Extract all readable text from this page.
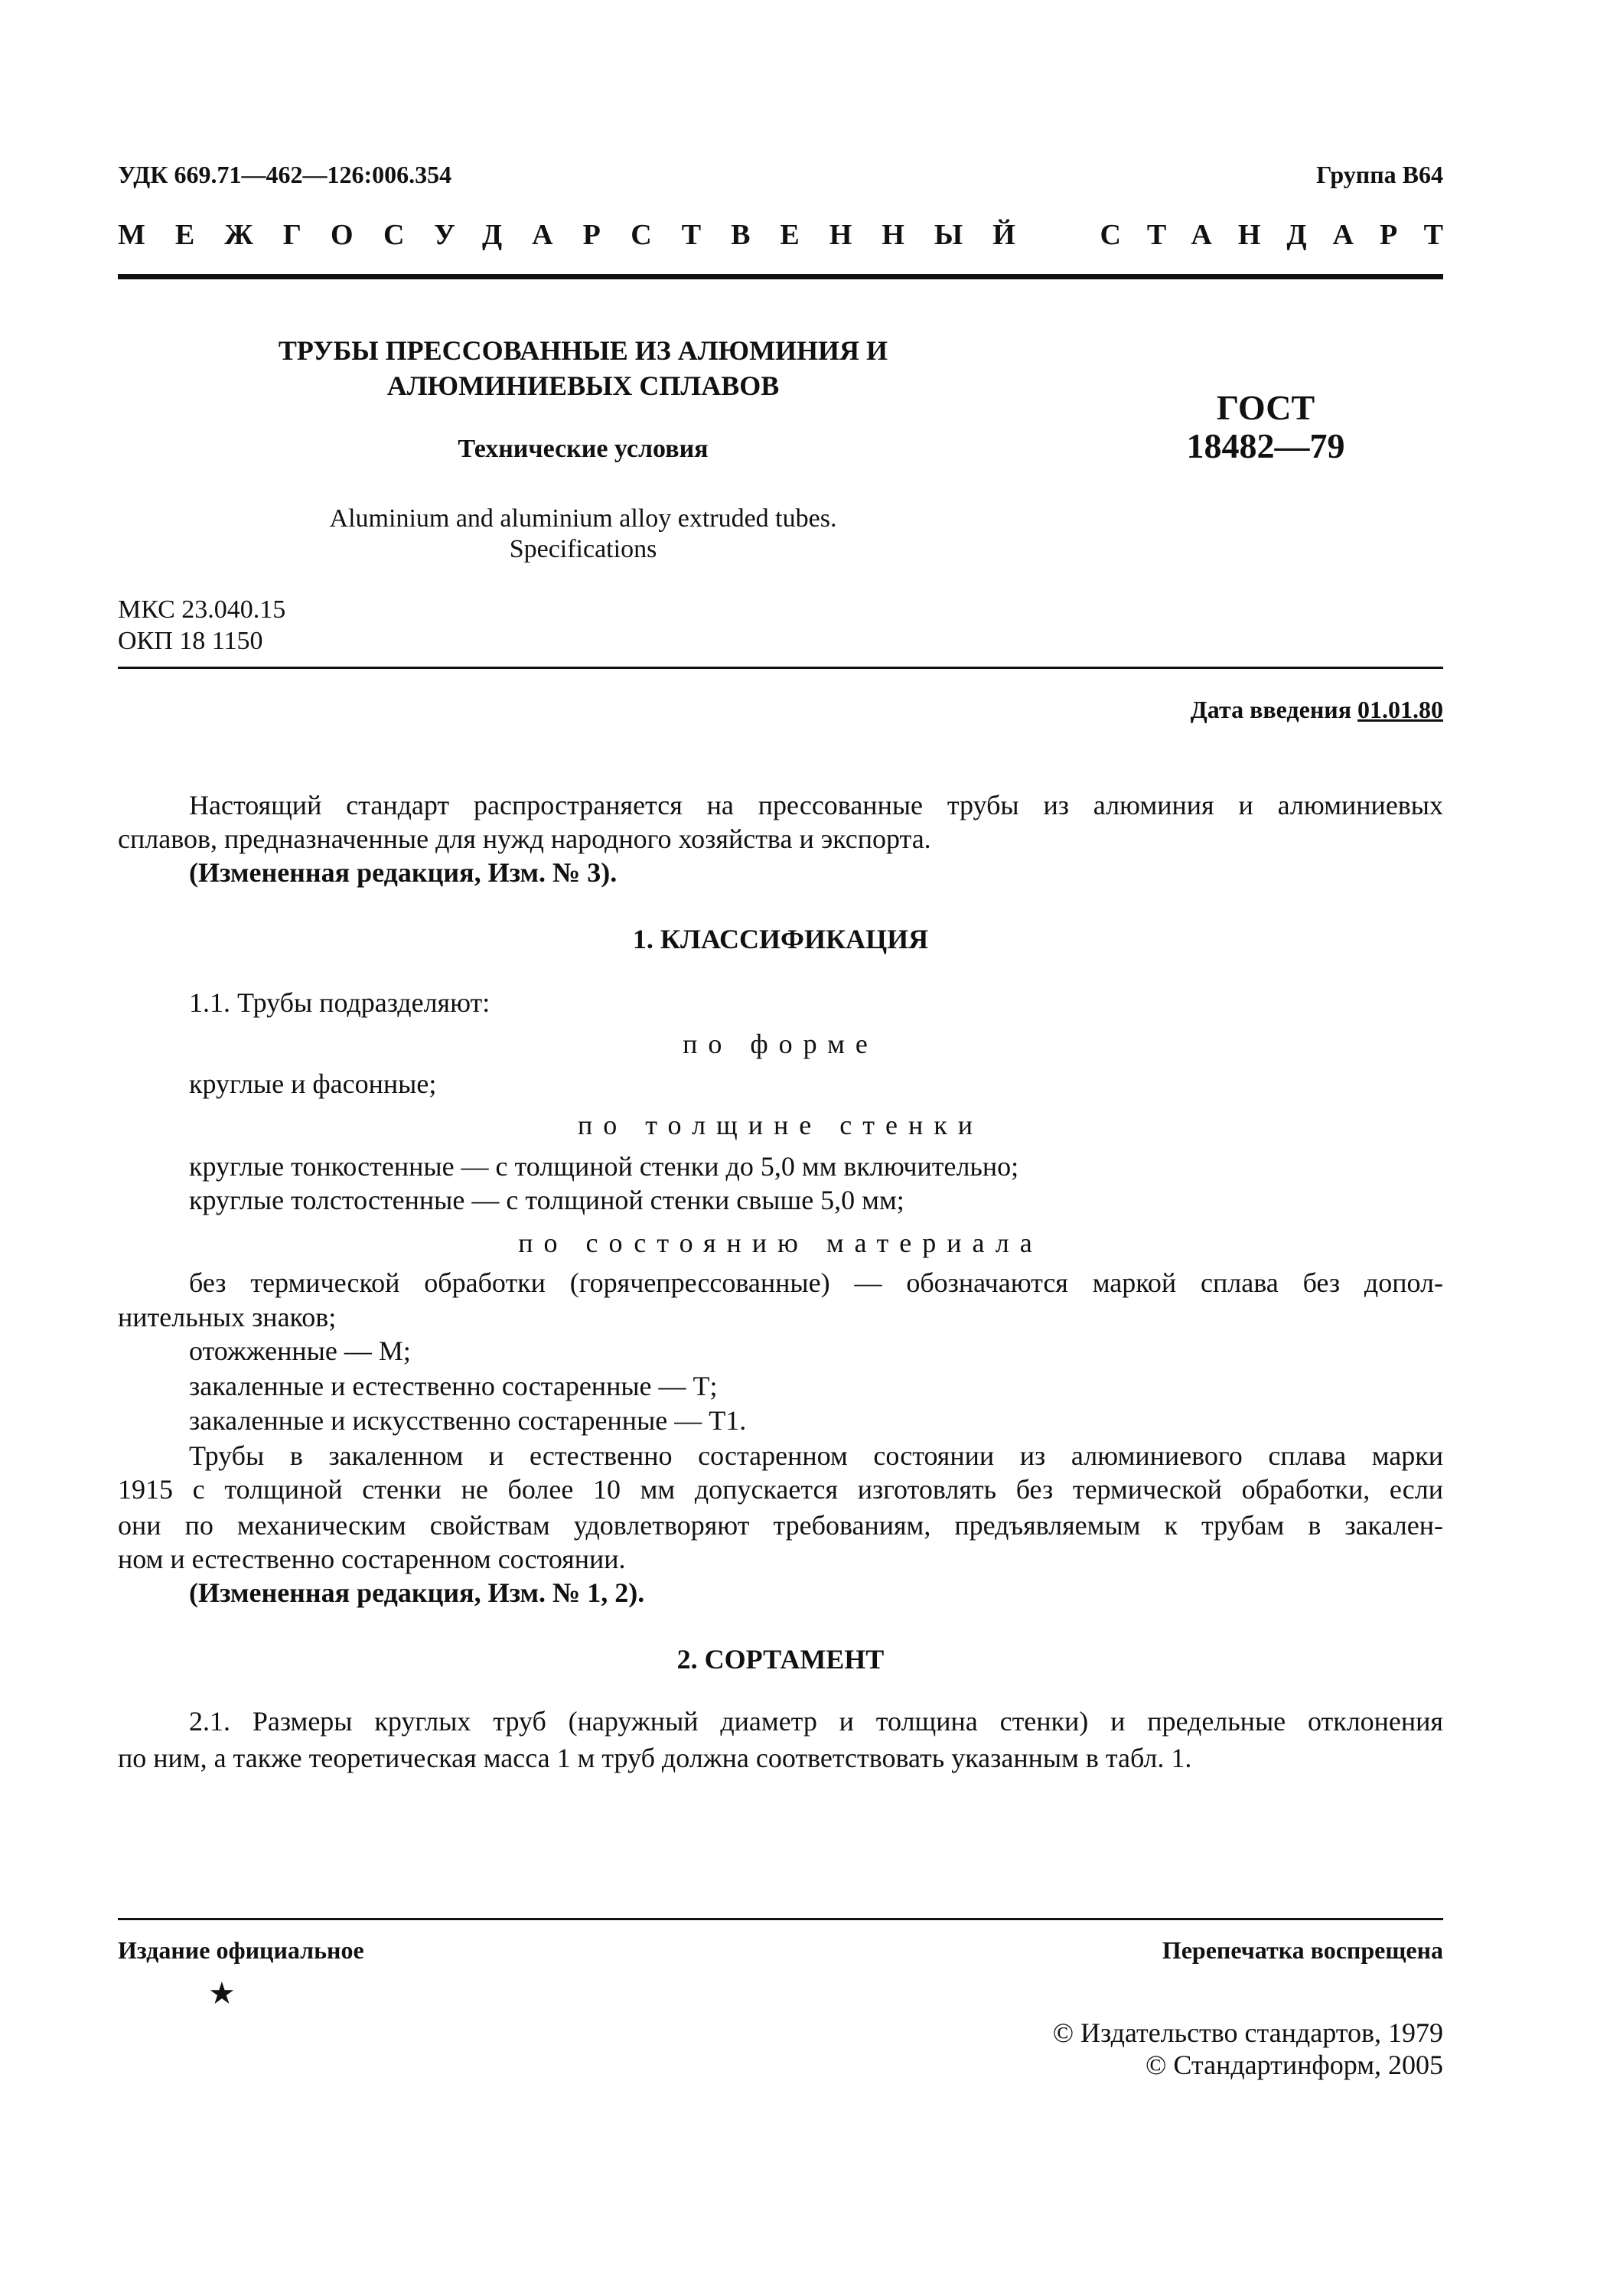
УДК 669.71—462—126:006.354	Группа В64
МЕЖГОСУДАРСТВЕННЫЙ СТАНДАРТ
ТРУБЫ ПРЕССОВАННЫЕ ИЗ АЛЮМИНИЯ И
АЛЮМИНИЕВЫХ СПЛАВОВ
Технические условия
Aluminium and aluminium alloy extruded tubes.
Specifications
ГОСТ
18482—79
МКС 23.040.15
ОКП 18 1150
Дата введения 01.01.80
Настоящий стандарт распространяется на прессованные трубы из алюминия и алюминиевых
сплавов, предназначенные для нужд народного хозяйства и экспорта.
(Измененная редакция, Изм. № 3).
1. КЛАССИФИКАЦИЯ
1.1. Трубы подразделяют:
по форме
круглые и фасонные;
по толщине стенки
круглые тонкостенные — с толщиной стенки до 5,0 мм включительно;
круглые толстостенные — с толщиной стенки свыше 5,0 мм;
по состоянию материала
без термической обработки (горячепрессованные) — обозначаются маркой сплава без допол-
нительных знаков;
отожженные — М;
закаленные и естественно состаренные — Т;
закаленные и искусственно состаренные — Т1.
Трубы в закаленном и естественно состаренном состоянии из алюминиевого сплава марки
1915 с толщиной стенки не более 10 мм допускается изготовлять без термической обработки, если
они по механическим свойствам удовлетворяют требованиям, предъявляемым к трубам в закален-
ном и естественно состаренном состоянии.
(Измененная редакция, Изм. № 1, 2).
2. СОРТАМЕНТ
2.1. Размеры круглых труб (наружный диаметр и толщина стенки) и предельные отклонения
по ним, а также теоретическая масса 1 м труб должна соответствовать указанным в табл. 1.
Издание официальное	Перепечатка воспрещена
★
© Издательство стандартов, 1979
© Стандартинформ, 2005
